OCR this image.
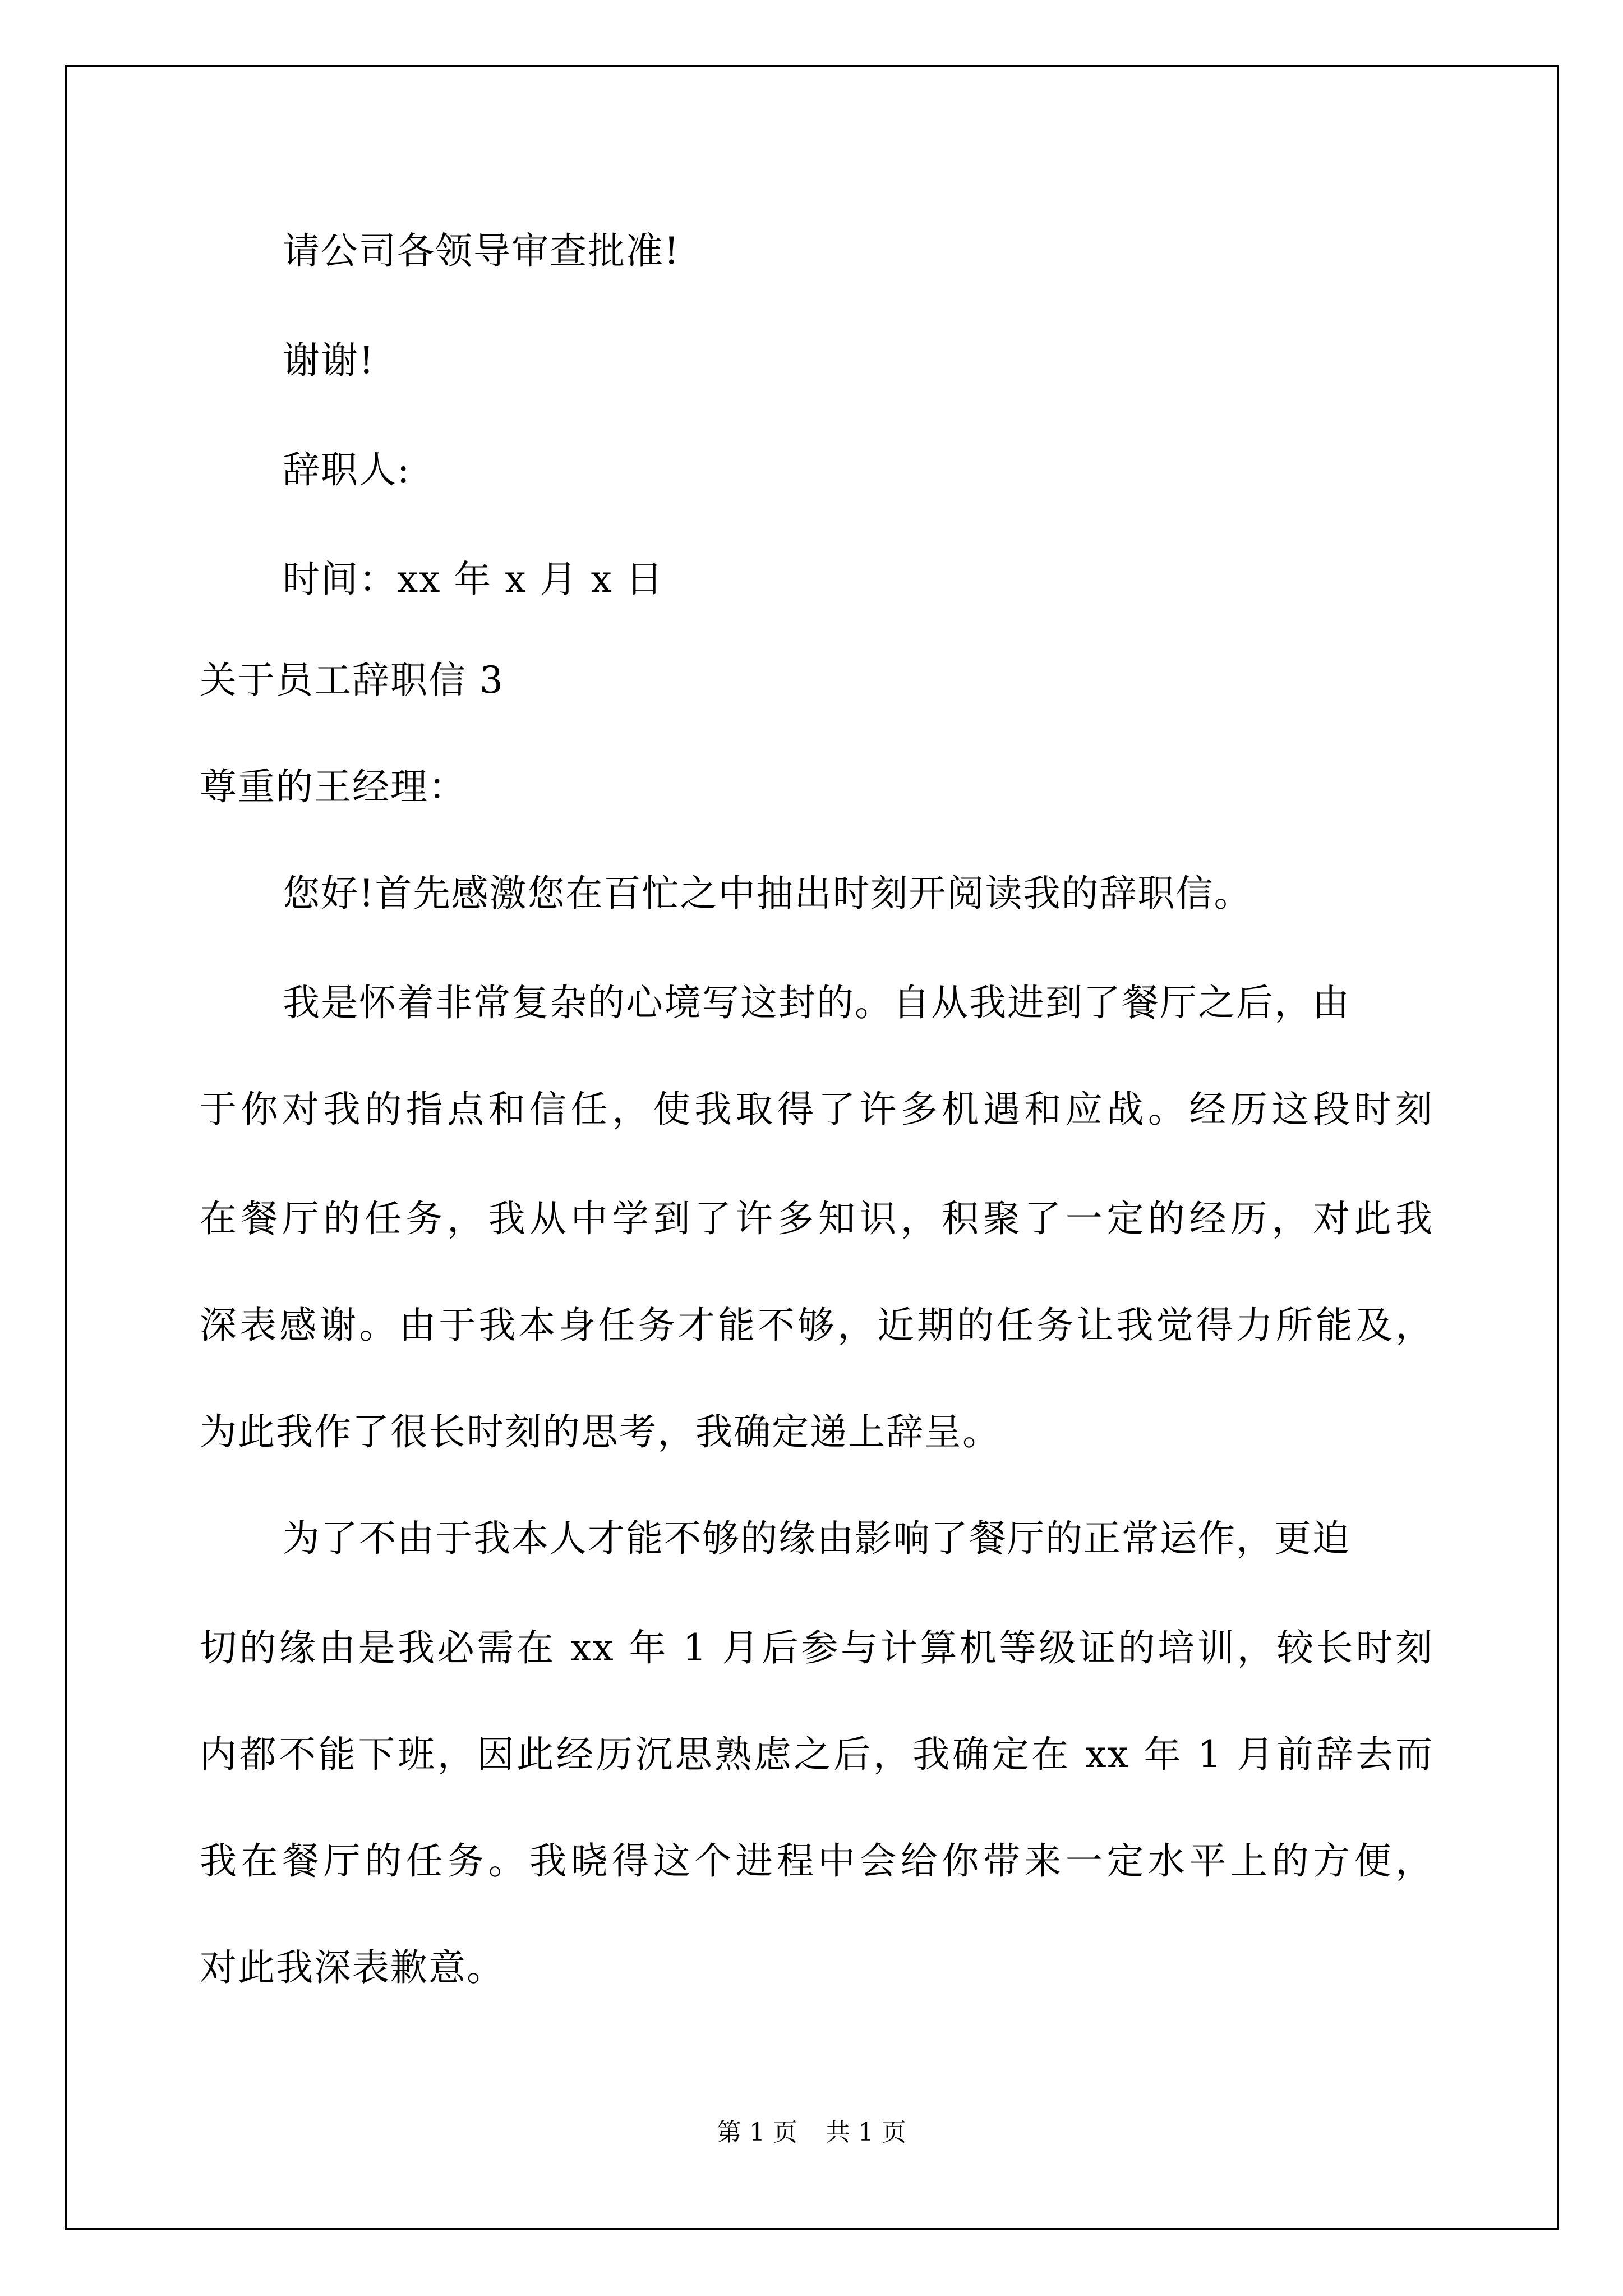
请公司各领导审查批准!
谢谢!
辞职人:
时间：xx 年 x 月 x 日
关于员工辞职信 3
尊重的王经理：
您好!首先感激您在百忙之中抽出时刻开阅读我的辞职信。
我是怀着非常复杂的心境写这封的。自从我进到了餐厅之后，由
于你对我的指点和信任，使我取得了许多机遇和应战。经历这段时刻
在餐厅的任务，我从中学到了许多知识，积聚了一定的经历，对此我
深表感谢。由于我本身任务才能不够，近期的任务让我觉得力所能及，
为此我作了很长时刻的思考，我确定递上辞呈。
为了不由于我本人才能不够的缘由影响了餐厅的正常运作，更迫
切的缘由是我必需在 xx 年 1 月后参与计算机等级证的培训，较长时刻
内都不能下班，因此经历沉思熟虑之后，我确定在 xx 年 1 月前辞去而
我在餐厅的任务。我晓得这个进程中会给你带来一定水平上的方便，
对此我深表歉意。
第 1 页 共 1 页
